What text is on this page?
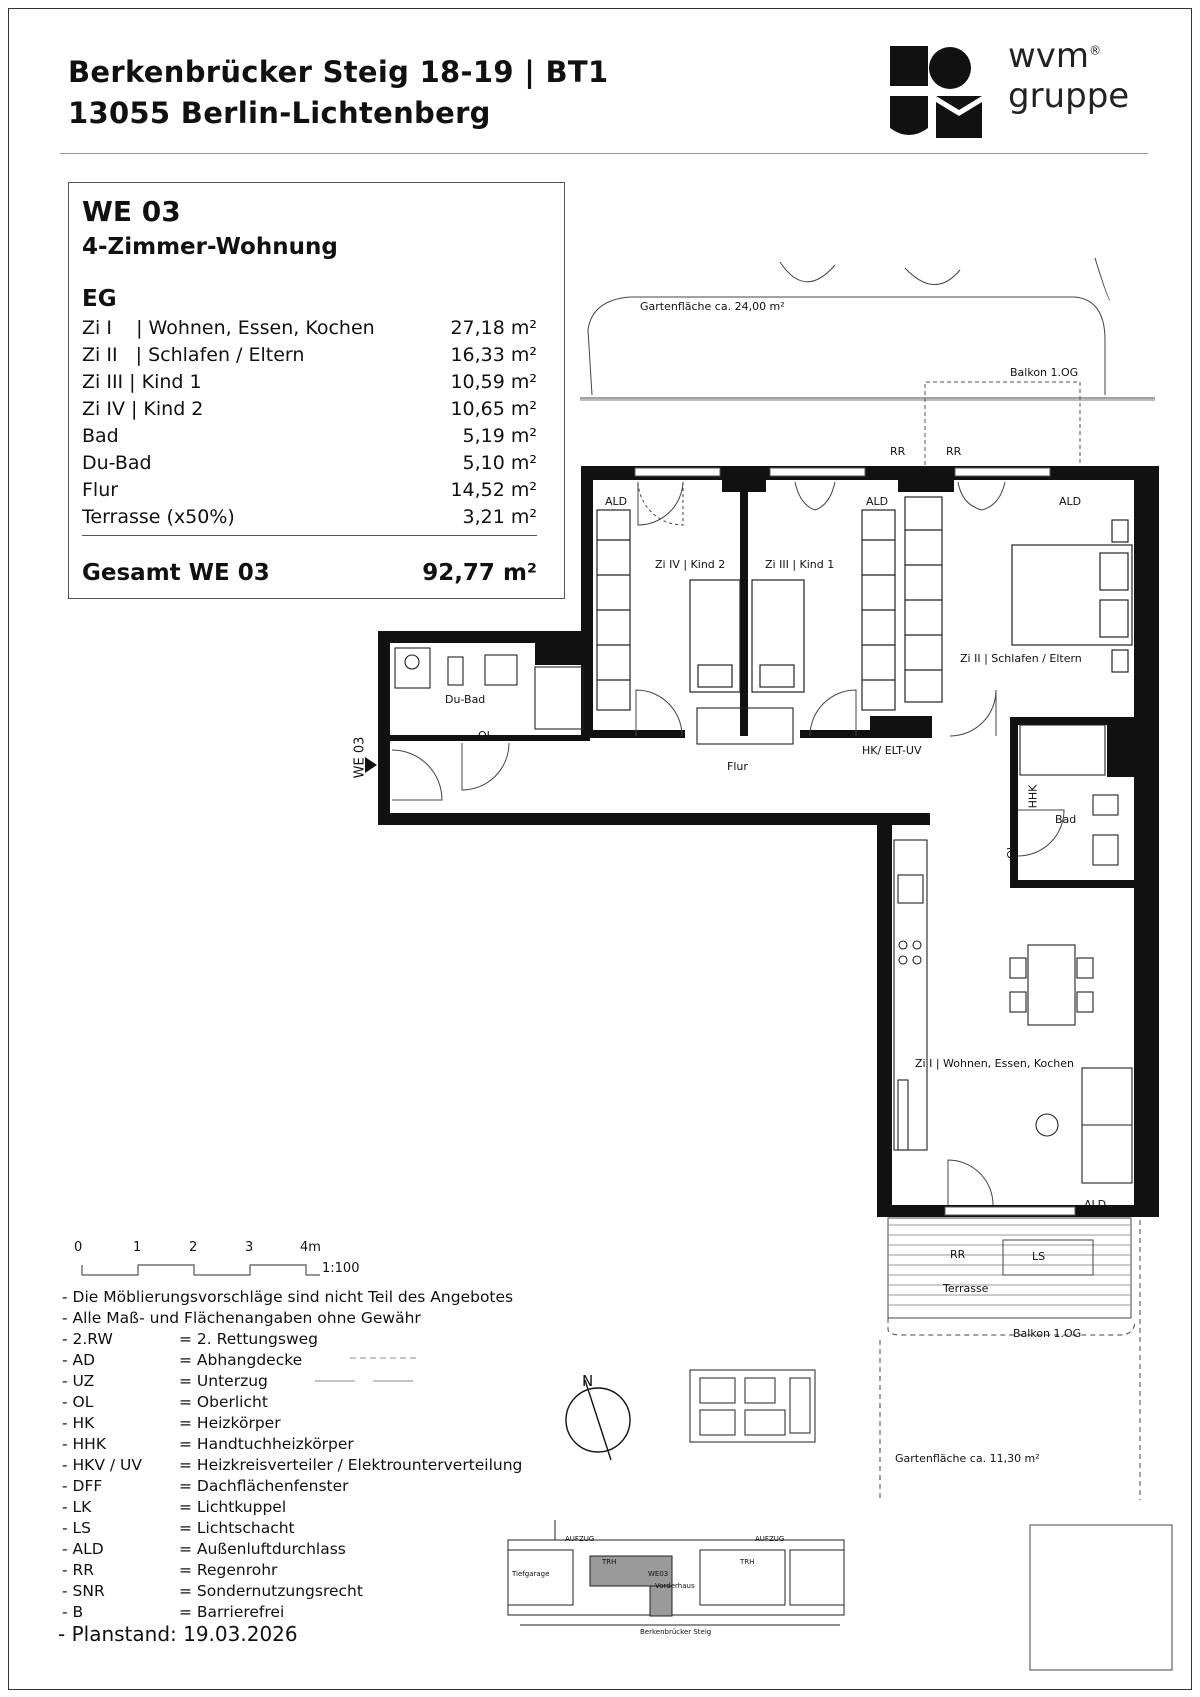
Berkenbrücker Steig 18-19 | BT1
13055 Berlin-Lichtenberg
wvm®
gruppe
WE 03
4-Zimmer-Wohnung
EG
Zi I    | Wohnen, Essen, Kochen	27,18 m²
Zi II   | Schlafen / Eltern	16,33 m²
Zi III | Kind 1	10,59 m²
Zi IV | Kind 2	10,65 m²
Bad	5,19 m²
Du-Bad	5,10 m²
Flur	14,52 m²
Terrasse (x50%)	3,21 m²
Gesamt WE 03	92,77 m²
Gartenfläche ca. 24,00 m²
Balkon 1.OG
RR	RR
ALD	ALD	ALD
Zi IV | Kind 2	Zi III | Kind 1
Zi II | Schlafen / Eltern
Du-Bad
OL
WE 03	Flur
HK/ ELT-UV
HHK
Bad
OL
Zi I | Wohnen, Essen, Kochen
ALD
RR	LS
Terrasse
Balkon 1.OG
Gartenfläche ca. 11,30 m²
N
AUFZUG	AUFZUG
TRH	TRH
Tiefgarage	WE03
Vorderhaus
Berkenbrücker Steig
0	1	2	3	4m
1:100
- Die Möblierungsvorschläge sind nicht Teil des Angebotes
- Alle Maß- und Flächenangaben ohne Gewähr
- 2.RW	= 2. Rettungsweg
- AD	= Abhangdecke
- UZ	= Unterzug
- OL	= Oberlicht
- HK	= Heizkörper
- HHK	= Handtuchheizkörper
- HKV / UV = Heizkreisverteiler / Elektrounterverteilung
- DFF	= Dachflächenfenster
- LK	= Lichtkuppel
- LS	= Lichtschacht
- ALD	= Außenluftdurchlass
- RR	= Regenrohr
- SNR	= Sondernutzungsrecht
- B	= Barrierefrei
- Planstand: 19.03.2026
